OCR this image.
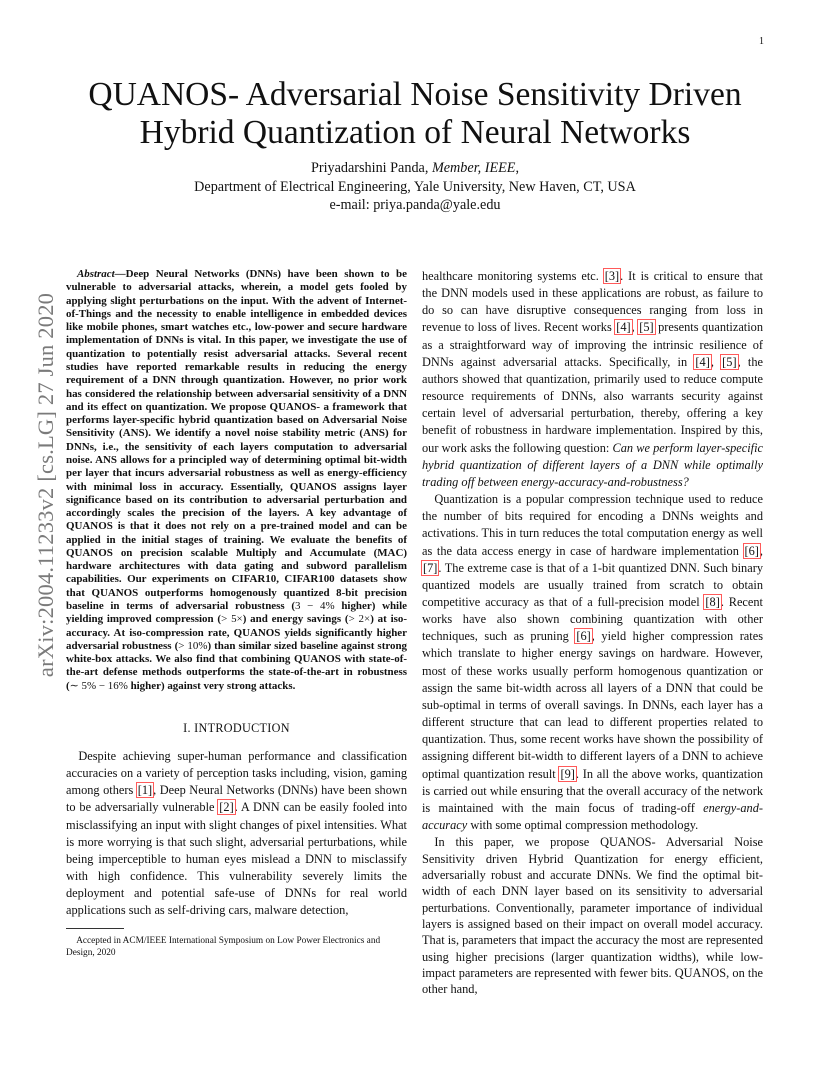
1
arXiv:2004.11233v2 [cs.LG] 27 Jun 2020
QUANOS- Adversarial Noise Sensitivity Driven Hybrid Quantization of Neural Networks
Priyadarshini Panda, Member, IEEE,
Department of Electrical Engineering, Yale University, New Haven, CT, USA
e-mail: priya.panda@yale.edu

Abstract—Deep Neural Networks (DNNs) have been shown to be vulnerable to adversarial attacks, wherein, a model gets fooled by applying slight perturbations on the input. With the advent of Internet-of-Things and the necessity to enable intelligence in embedded devices like mobile phones, smart watches etc., low-power and secure hardware implementation of DNNs is vital. In this paper, we investigate the use of quantization to potentially resist adversarial attacks. Several recent studies have reported remarkable results in reducing the energy requirement of a DNN through quantization. However, no prior work has considered the relationship between adversarial sensitivity of a DNN and its effect on quantization. We propose QUANOS- a framework that performs layer-specific hybrid quantization based on Adversarial Noise Sensitivity (ANS). We identify a novel noise stability metric (ANS) for DNNs, i.e., the sensitivity of each layers computation to adversarial noise. ANS allows for a principled way of determining optimal bit-width per layer that incurs adversarial robustness as well as energy-efficiency with minimal loss in accuracy. Essentially, QUANOS assigns layer significance based on its contribution to adversarial perturbation and accordingly scales the precision of the layers. A key advantage of QUANOS is that it does not rely on a pre-trained model and can be applied in the initial stages of training. We evaluate the benefits of QUANOS on precision scalable Multiply and Accumulate (MAC) hardware architectures with data gating and subword parallelism capabilities. Our experiments on CIFAR10, CIFAR100 datasets show that QUANOS outperforms homogenously quantized 8-bit precision baseline in terms of adversarial robustness (3 − 4% higher) while yielding improved compression (> 5×) and energy savings (> 2×) at iso-accuracy. At iso-compression rate, QUANOS yields significantly higher adversarial robustness (> 10%) than similar sized baseline against strong white-box attacks. We also find that combining QUANOS with state-of-the-art defense methods outperforms the state-of-the-art in robustness (∼ 5% − 16% higher) against very strong attacks.

I. INTRODUCTION

Despite achieving super-human performance and classification accuracies on a variety of perception tasks including, vision, gaming among others [1], Deep Neural Networks (DNNs) have been shown to be adversarially vulnerable [2]. A DNN can be easily fooled into misclassifying an input with slight changes of pixel intensities. What is more worrying is that such slight, adversarial perturbations, while being imperceptible to human eyes mislead a DNN to misclassify with high confidence. This vulnerability severely limits the deployment and potential safe-use of DNNs for real world applications such as self-driving cars, malware detection,

Accepted in ACM/IEEE International Symposium on Low Power Electronics and Design, 2020

healthcare monitoring systems etc. [3]. It is critical to ensure that the DNN models used in these applications are robust, as failure to do so can have disruptive consequences ranging from loss in revenue to loss of lives. Recent works [4], [5] presents quantization as a straightforward way of improving the intrinsic resilience of DNNs against adversarial attacks. Specifically, in [4], [5], the authors showed that quantization, primarily used to reduce compute resource requirements of DNNs, also warrants security against certain level of adversarial perturbation, thereby, offering a key benefit of robustness in hardware implementation. Inspired by this, our work asks the following question: Can we perform layer-specific hybrid quantization of different layers of a DNN while optimally trading off between energy-accuracy-and-robustness?

Quantization is a popular compression technique used to reduce the number of bits required for encoding a DNNs weights and activations. This in turn reduces the total computation energy as well as the data access energy in case of hardware implementation [6], [7]. The extreme case is that of a 1-bit quantized DNN. Such binary quantized models are usually trained from scratch to obtain competitive accuracy as that of a full-precision model [8]. Recent works have also shown combining quantization with other techniques, such as pruning [6], yield higher compression rates which translate to higher energy savings on hardware. However, most of these works usually perform homogenous quantization or assign the same bit-width across all layers of a DNN that could be sub-optimal in terms of overall savings. In DNNs, each layer has a different structure that can lead to different properties related to quantization. Thus, some recent works have shown the possibility of assigning different bit-width to different layers of a DNN to achieve optimal quantization result [9]. In all the above works, quantization is carried out while ensuring that the overall accuracy of the network is maintained with the main focus of trading-off energy-and-accuracy with some optimal compression methodology.

In this paper, we propose QUANOS- Adversarial Noise Sensitivity driven Hybrid Quantization for energy efficient, adversarially robust and accurate DNNs. We find the optimal bit-width of each DNN layer based on its sensitivity to adversarial perturbations. Conventionally, parameter importance of individual layers is assigned based on their impact on overall model accuracy. That is, parameters that impact the accuracy the most are represented using higher precisions (larger quantization widths), while low-impact parameters are represented with fewer bits. QUANOS, on the other hand,
